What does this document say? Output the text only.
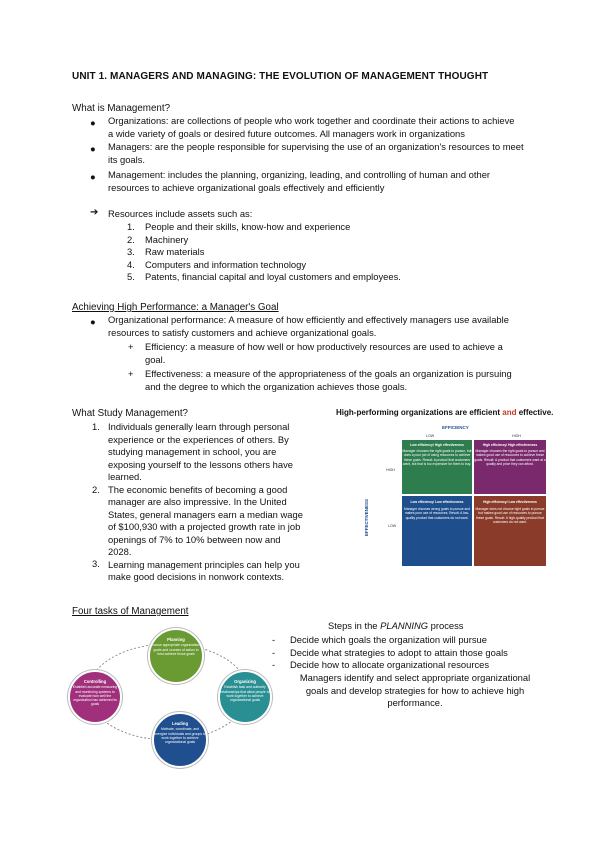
UNIT 1. MANAGERS AND MANAGING: THE EVOLUTION OF MANAGEMENT THOUGHT
What is Management?
● Organizations: are collections of people who work together and coordinate their actions to achieve
a wide variety of goals or desired future outcomes. All managers work in organizations
● Managers: are the people responsible for supervising the use of an organization's resources to meet
its goals.
● Management: includes the planning, organizing, leading, and controlling of human and other
resources to achieve organizational goals effectively and efficiently
➔ Resources include assets such as:
1.
2.
3.
4.
5.
People and their skills, know-how and experience
Machinery
Raw materials
Computers and information technology
Patents, financial capital and loyal customers and employees.
Achieving High Performance: a Manager's Goal
● Organizational performance: A measure of how efficiently and effectively managers use available
resources to satisfy customers and achieve organizational goals.
+ Efficiency: a measure of how well or how productively resources are used to achieve a
goal.
+ Effectiveness: a measure of the appropriateness of the goals an organization is pursuing
and the degree to which the organization achieves those goals.
What Study Management?
1.
2.
3.
Individuals generally learn through personal
experience or the experiences of others. By
studying management in school, you are
exposing yourself to the lessons others have
learned.
The economic benefits of becoming a good
manager are also impressive. In the United
States, general managers earn a median wage
of $100,930 with a projected growth rate in job
openings of 7% to 10% between now and
2028.
Learning management principles can help you
make good decisions in nonwork contexts.
High-performing organizations are efficient and effective.
EFFICIENCY
LOW	HIGH
EFFECTIVENESS
HIGH
LOW
Low efficiency/ High effectiveness
Manager chooses the right goals to pursue, but does a poor job of using resources to achieve these goals. Result: A product that customers want, but that is too expensive for them to buy.
High efficiency/ High effectiveness
Manager chooses the right goals to pursue and makes good use of resources to achieve these goals. Result: A product that customers want at a quality and price they can afford.
Low efficiency/ Low effectiveness
Manager chooses wrong goals to pursue and makes poor use of resources. Result: A low-quality product that customers do not want.
High efficiency/ Low effectiveness
Manager does not choose right goals to pursue but makes good use of resources to pursue these goals. Result: A high-quality product that customers do not want.
Four tasks of Management
Planning
Choose appropriate organizational goals and courses of action to best achieve those goals
Organizing
Establish task and authority relationships that allow people to work together to achieve organizational goals
Leading
Motivate, coordinate, and energize individuals and groups to work together to achieve organizational goals
Controlling
Establish accurate measuring and monitoring systems to evaluate how well the organization has achieved its goals
Steps in the PLANNING process
-
-
-
Decide which goals the organization will pursue
Decide what strategies to adopt to attain those goals
Decide how to allocate organizational resources
Managers identify and select appropriate organizational
goals and develop strategies for how to achieve high
performance.
